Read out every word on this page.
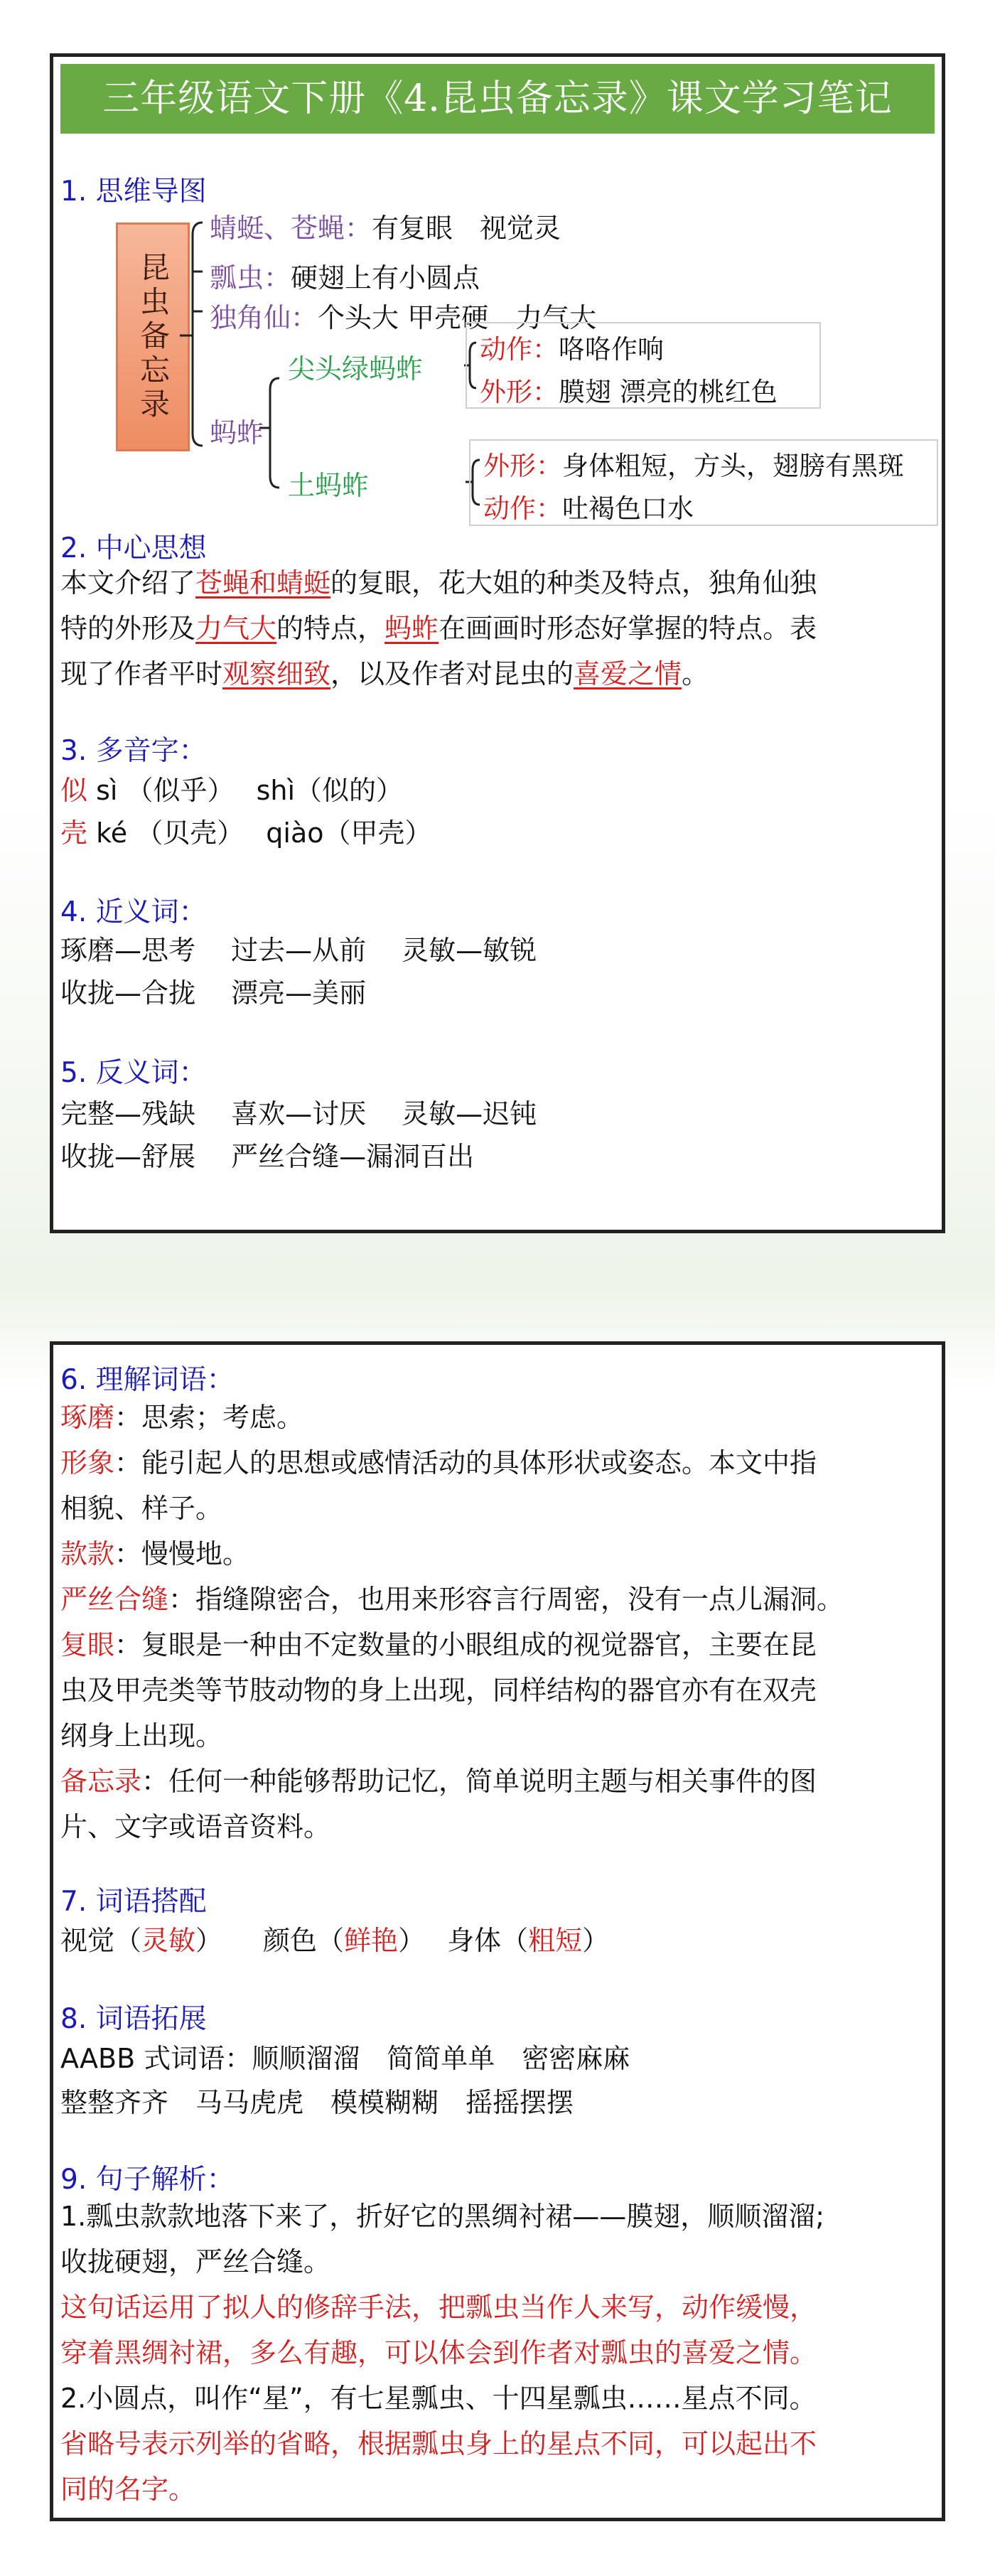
三年级语文下册《4.昆虫备忘录》课文学习笔记
1. 思维导图
昆虫备忘录
蜻蜓、苍蝇：有复眼　视觉灵
瓢虫：硬翅上有小圆点
独角仙：个头大 甲壳硬　力气大
蚂蚱
尖头绿蚂蚱
动作：咯咯作响
外形：膜翅 漂亮的桃红色
土蚂蚱
外形：身体粗短，方头，翅膀有黑斑
动作：吐褐色口水
2. 中心思想
本文介绍了苍蝇和蜻蜓的复眼，花大姐的种类及特点，独角仙独
特的外形及力气大的特点，蚂蚱在画画时形态好掌握的特点。表
现了作者平时观察细致，以及作者对昆虫的喜爱之情。
3. 多音字：
似 sì （似乎）　 shì（似的）
壳 ké （贝壳）　 qiào（甲壳）
4. 近义词：
琢磨—思考　 过去—从前　 灵敏—敏锐
收拢—合拢　 漂亮—美丽
5. 反义词：
完整—残缺　 喜欢—讨厌　 灵敏—迟钝
收拢—舒展　 严丝合缝—漏洞百出
6. 理解词语：
琢磨：思索；考虑。
形象：能引起人的思想或感情活动的具体形状或姿态。本文中指
相貌、样子。
款款：慢慢地。
严丝合缝：指缝隙密合，也用来形容言行周密，没有一点儿漏洞。
复眼：复眼是一种由不定数量的小眼组成的视觉器官，主要在昆
虫及甲壳类等节肢动物的身上出现，同样结构的器官亦有在双壳
纲身上出现。
备忘录：任何一种能够帮助记忆，简单说明主题与相关事件的图
片、文字或语音资料。
7. 词语搭配
视觉（灵敏）　　颜色（鲜艳）　 身体（粗短）
8. 词语拓展
AABB 式词语：顺顺溜溜　简简单单　密密麻麻
整整齐齐　马马虎虎　模模糊糊　摇摇摆摆
9. 句子解析：
1.瓢虫款款地落下来了，折好它的黑绸衬裙——膜翅，顺顺溜溜;
收拢硬翅，严丝合缝。
这句话运用了拟人的修辞手法，把瓢虫当作人来写，动作缓慢，
穿着黑绸衬裙，多么有趣，可以体会到作者对瓢虫的喜爱之情。
2.小圆点，叫作“星”，有七星瓢虫、十四星瓢虫……星点不同。
省略号表示列举的省略，根据瓢虫身上的星点不同，可以起出不
同的名字。
